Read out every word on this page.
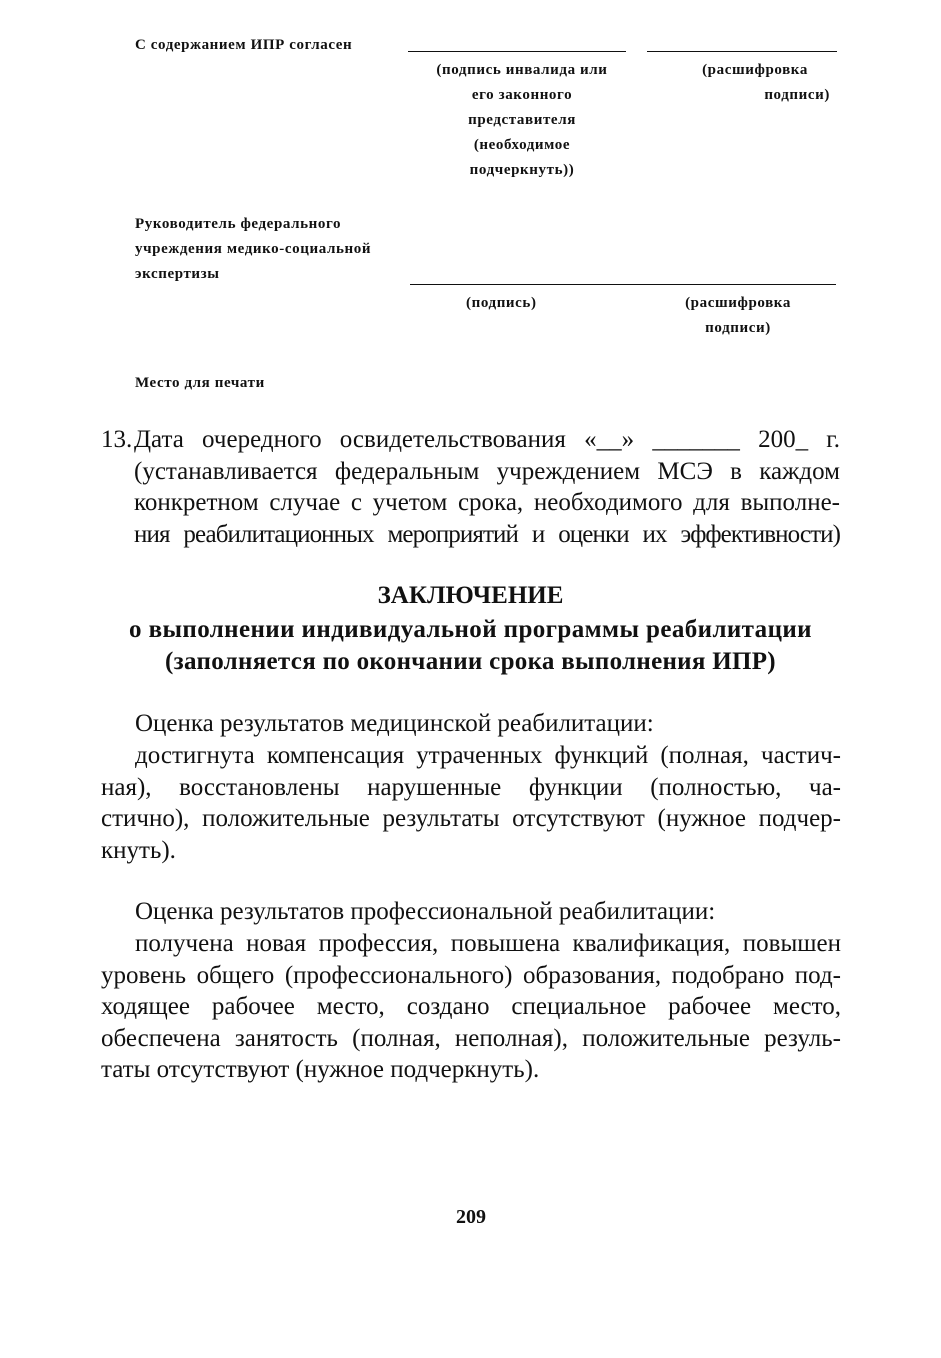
С содержанием ИПР согласен
(подпись инвалида или
его законного
представителя
(необходимое
подчеркнуть))
(расшифровка
подписи)
Руководитель федерального
учреждения медико-социальной
экспертизы
(подпись)	(расшифровка
подписи)
Место для печати
13. Дата очередного освидетельствования «__» _______ 200_ г.
(устанавливается федеральным учреждением МСЭ в каждом
конкретном случае с учетом срока, необходимого для выполне-
ния реабилитационных мероприятий и оценки их эффективности)
ЗАКЛЮЧЕНИЕ
о выполнении индивидуальной программы реабилитации
(заполняется по окончании срока выполнения ИПР)
Оценка результатов медицинской реабилитации:
достигнута компенсация утраченных функций (полная, частич-
ная), восстановлены нарушенные функции (полностью, ча-
стично), положительные результаты отсутствуют (нужное подчер-
кнуть).
Оценка результатов профессиональной реабилитации:
получена новая профессия, повышена квалификация, повышен
уровень общего (профессионального) образования, подобрано под-
ходящее рабочее место, создано специальное рабочее место,
обеспечена занятость (полная, неполная), положительные резуль-
таты отсутствуют (нужное подчеркнуть).
209
